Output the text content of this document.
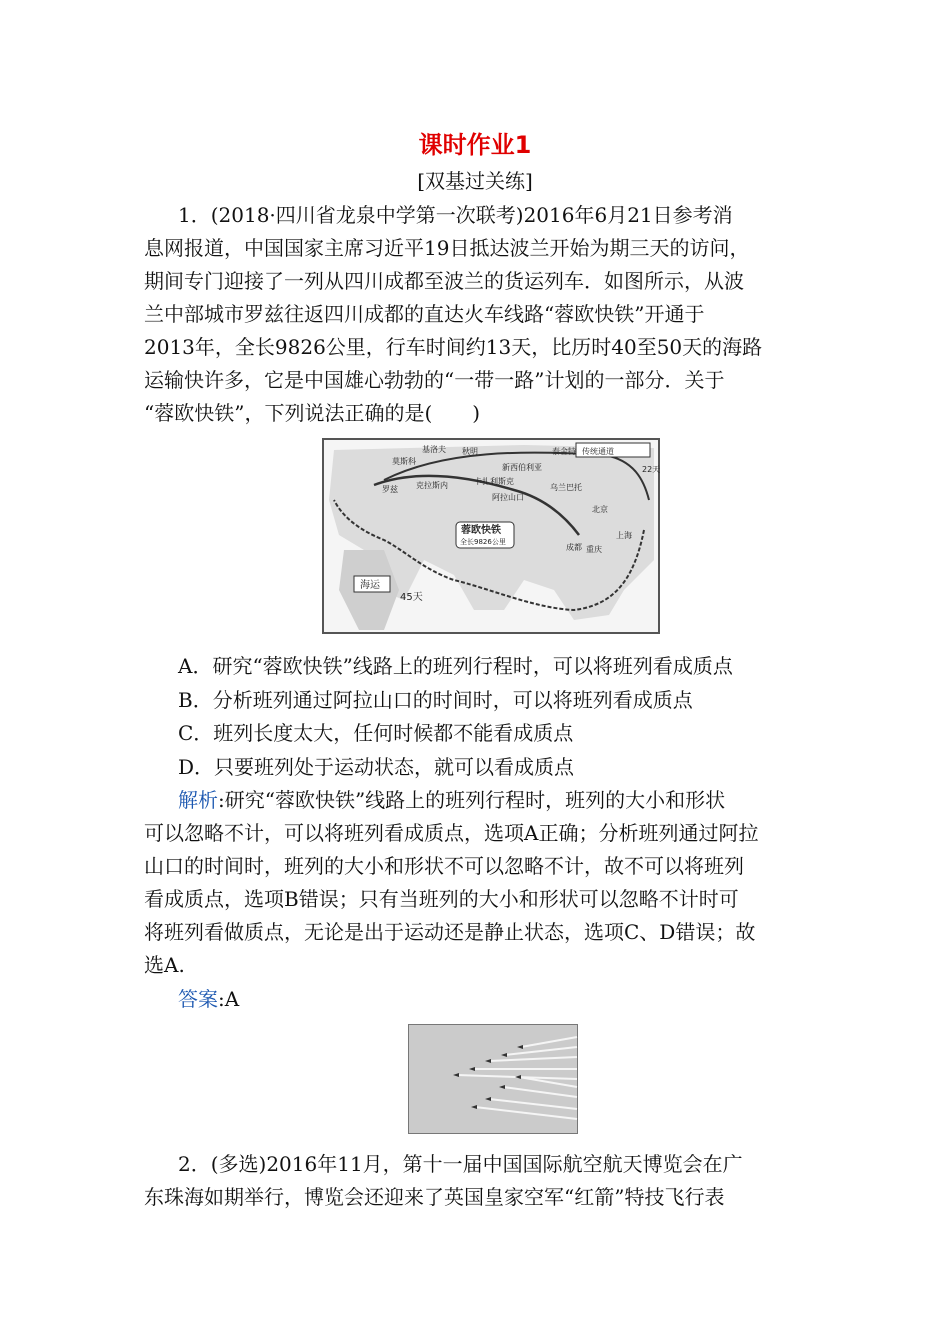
课时作业1
[双基过关练]
1．(2018·四川省龙泉中学第一次联考)2016年6月21日参考消
息网报道，中国国家主席习近平19日抵达波兰开始为期三天的访问，
期间专门迎接了一列从四川成都至波兰的货运列车．如图所示，从波
兰中部城市罗兹往返四川成都的直达火车线路“蓉欧快铁”开通于
2013年，全长9826公里，行车时间约13天，比历时40至50天的海路
运输快许多，它是中国雄心勃勃的“一带一路”计划的一部分．关于
“蓉欧快铁”，下列说法正确的是(　　)
传统通道
22天
蓉欧快铁
全长9826公里
海运
45天
罗兹
成都
北京
上海
重庆
莫斯科
基洛夫 秋明
新西伯利亚
泰舍特
克拉斯内	卡扎利斯克
阿拉山口
乌兰巴托
A．研究“蓉欧快铁”线路上的班列行程时，可以将班列看成质点
B．分析班列通过阿拉山口的时间时，可以将班列看成质点
C．班列长度太大，任何时候都不能看成质点
D．只要班列处于运动状态，就可以看成质点
解析:研究“蓉欧快铁”线路上的班列行程时，班列的大小和形状
可以忽略不计，可以将班列看成质点，选项A正确；分析班列通过阿拉
山口的时间时，班列的大小和形状不可以忽略不计，故不可以将班列
看成质点，选项B错误；只有当班列的大小和形状可以忽略不计时可
将班列看做质点，无论是出于运动还是静止状态，选项C、D错误；故
选A.
答案:A
2．(多选)2016年11月，第十一届中国国际航空航天博览会在广
东珠海如期举行，博览会还迎来了英国皇家空军“红箭”特技飞行表
